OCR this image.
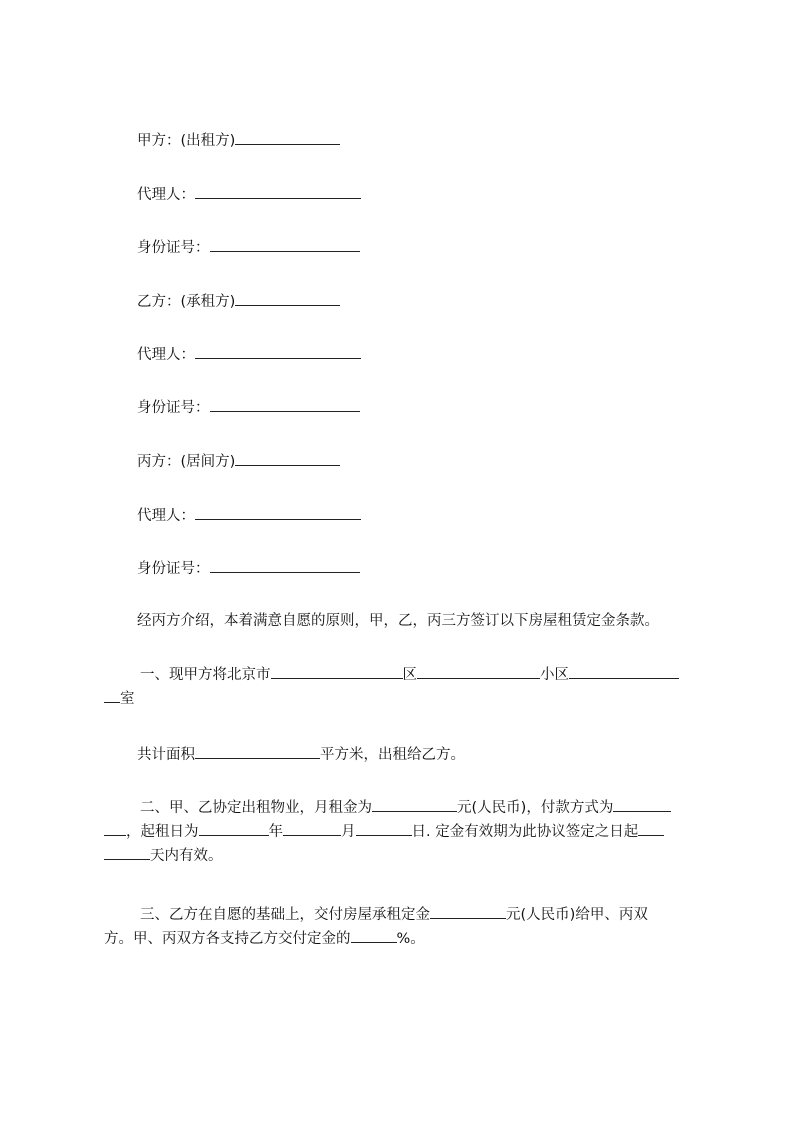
甲方：(出租方)
代理人：
身份证号：
乙方：(承租方)
代理人：
身份证号：
丙方：(居间方)
代理人：
身份证号：
经丙方介绍，本着满意自愿的原则，甲，乙，丙三方签订以下房屋租赁定金条款。
一、现甲方将北京市	区	小区
室
共计面积	平方米，出租给乙方。
二、甲、乙协定出租物业，月租金为	元(人民币)，付款方式为
，起租日为	年	月	日. 定金有效期为此协议签定之日起
天内有效。
三、乙方在自愿的基础上，交付房屋承租定金	元(人民币)给甲、丙双
方。甲、丙双方各支持乙方交付定金的	%。
